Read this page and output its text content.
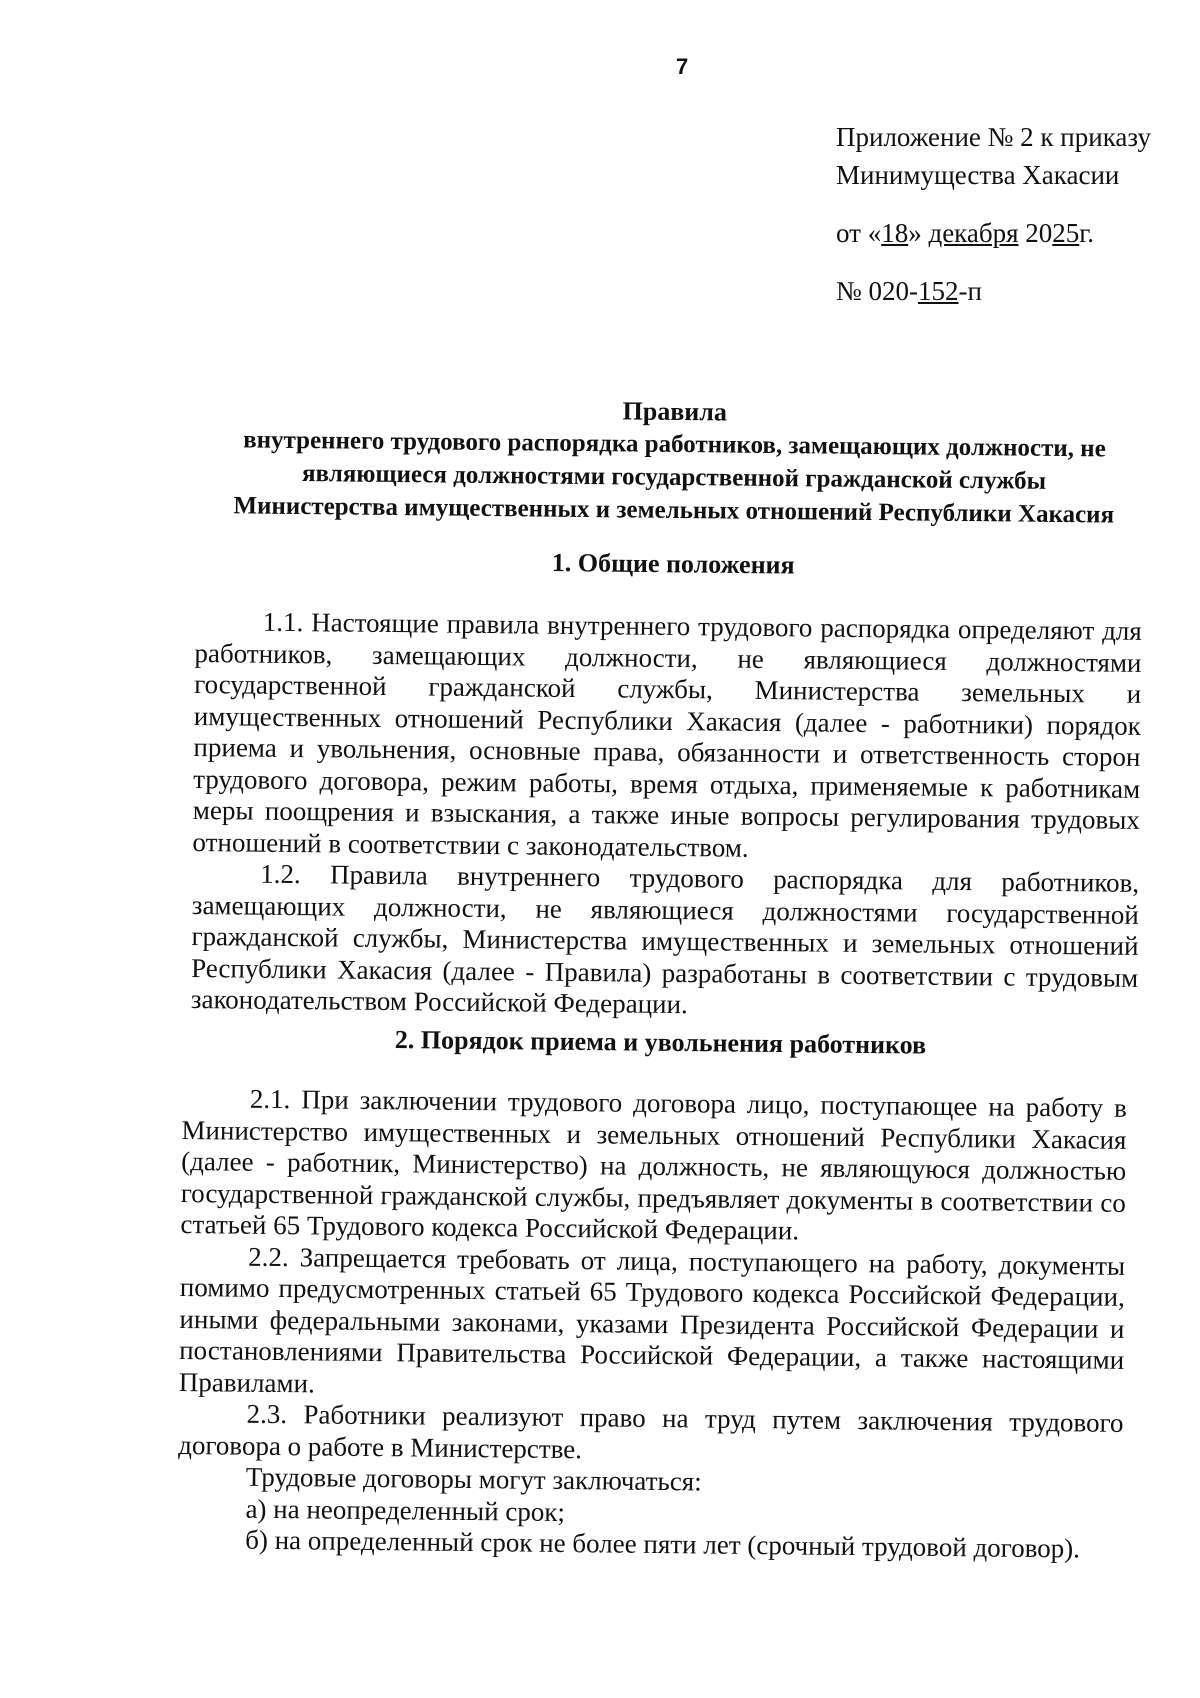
7
Приложение № 2 к приказу
Минимущества Хакасии
от «18» декабря 2025г.
№ 020-152-п
Правила
внутреннего трудового распорядка работников, замещающих должности, не
являющиеся должностями государственной гражданской службы
Министерства имущественных и земельных отношений Республики Хакасия
1. Общие положения

1.1. Настоящие правила внутреннего трудового распорядка определяют для работников, замещающих должности, не являющиеся должностями государственной гражданской службы, Министерства земельных и имущественных отношений Республики Хакасия (далее - работники) порядок приема и увольнения, основные права, обязанности и ответственность сторон трудового договора, режим работы, время отдыха, применяемые к работникам меры поощрения и взыскания, а также иные вопросы регулирования трудовых отношений в соответствии с законодательством.

1.2. Правила внутреннего трудового распорядка для работников, замещающих должности, не являющиеся должностями государственной гражданской службы, Министерства имущественных и земельных отношений Республики Хакасия (далее - Правила) разработаны в соответствии с трудовым законодательством Российской Федерации.

2. Порядок приема и увольнения работников

2.1. При заключении трудового договора лицо, поступающее на работу в Министерство имущественных и земельных отношений Республики Хакасия (далее - работник, Министерство) на должность, не являющуюся должностью государственной гражданской службы, предъявляет документы в соответствии со статьей 65 Трудового кодекса Российской Федерации.

2.2. Запрещается требовать от лица, поступающего на работу, документы помимо предусмотренных статьей 65 Трудового кодекса Российской Федерации, иными федеральными законами, указами Президента Российской Федерации и постановлениями Правительства Российской Федерации, а также настоящими Правилами.

2.3. Работники реализуют право на труд путем заключения трудового договора о работе в Министерстве.

Трудовые договоры могут заключаться:

а) на неопределенный срок;

б) на определенный срок не более пяти лет (срочный трудовой договор).
